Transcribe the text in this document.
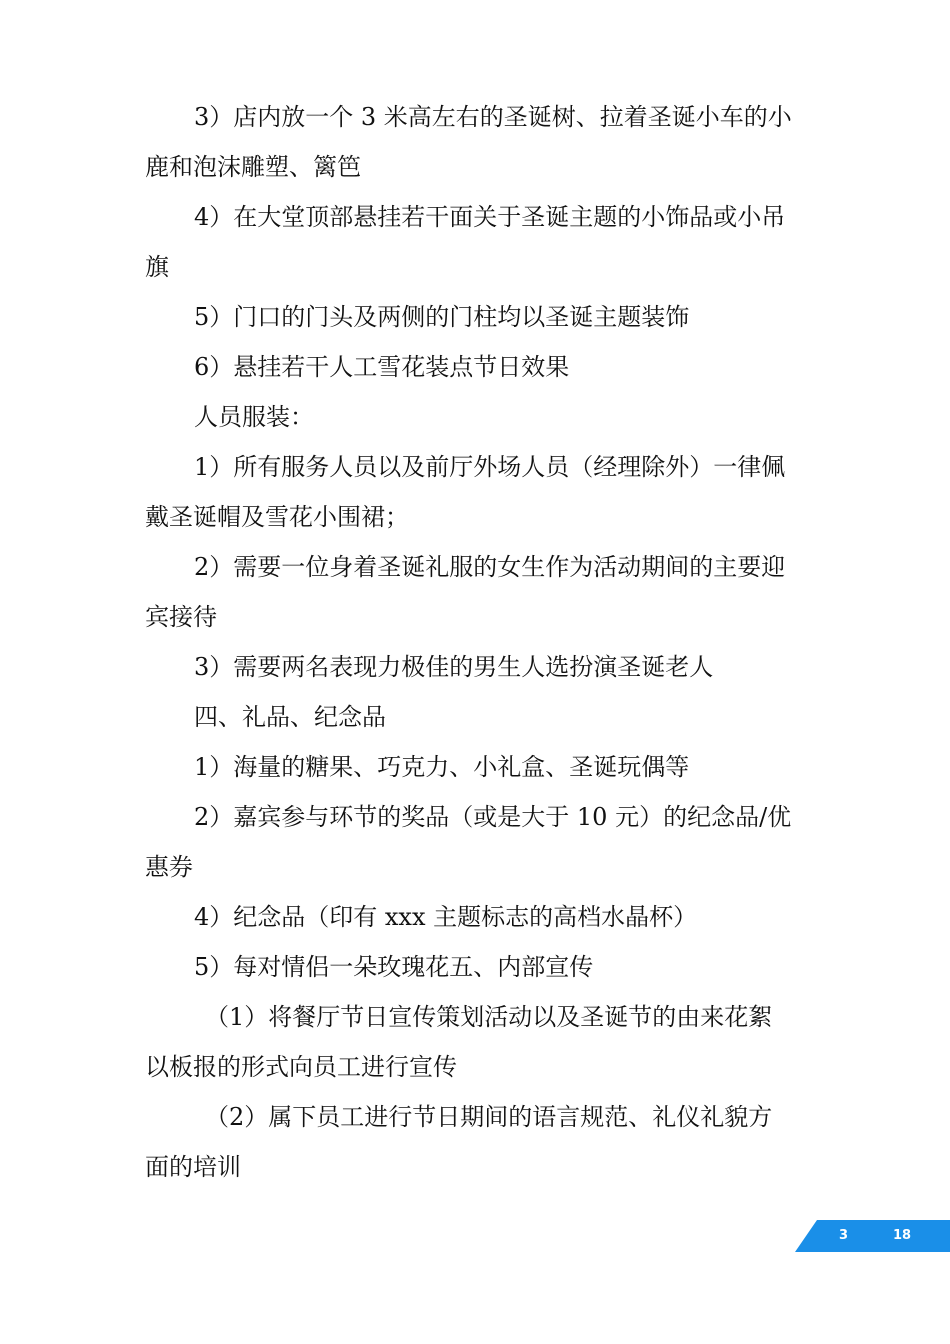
3）店内放一个 3 米高左右的圣诞树、拉着圣诞小车的小鹿和泡沫雕塑、篱笆

4）在大堂顶部悬挂若干面关于圣诞主题的小饰品或小吊旗

5）门口的门头及两侧的门柱均以圣诞主题装饰

6）悬挂若干人工雪花装点节日效果

人员服装：

1）所有服务人员以及前厅外场人员（经理除外）一律佩戴圣诞帽及雪花小围裙；

2）需要一位身着圣诞礼服的女生作为活动期间的主要迎宾接待

3）需要两名表现力极佳的男生人选扮演圣诞老人

四、礼品、纪念品

1）海量的糖果、巧克力、小礼盒、圣诞玩偶等

2）嘉宾参与环节的奖品（或是大于 10 元）的纪念品/优惠券

4）纪念品（印有 xxx 主题标志的高档水晶杯）

5）每对情侣一朵玫瑰花五、内部宣传

（1）将餐厅节日宣传策划活动以及圣诞节的由来花絮以板报的形式向员工进行宣传

（2）属下员工进行节日期间的语言规范、礼仪礼貌方面的培训

3	18
